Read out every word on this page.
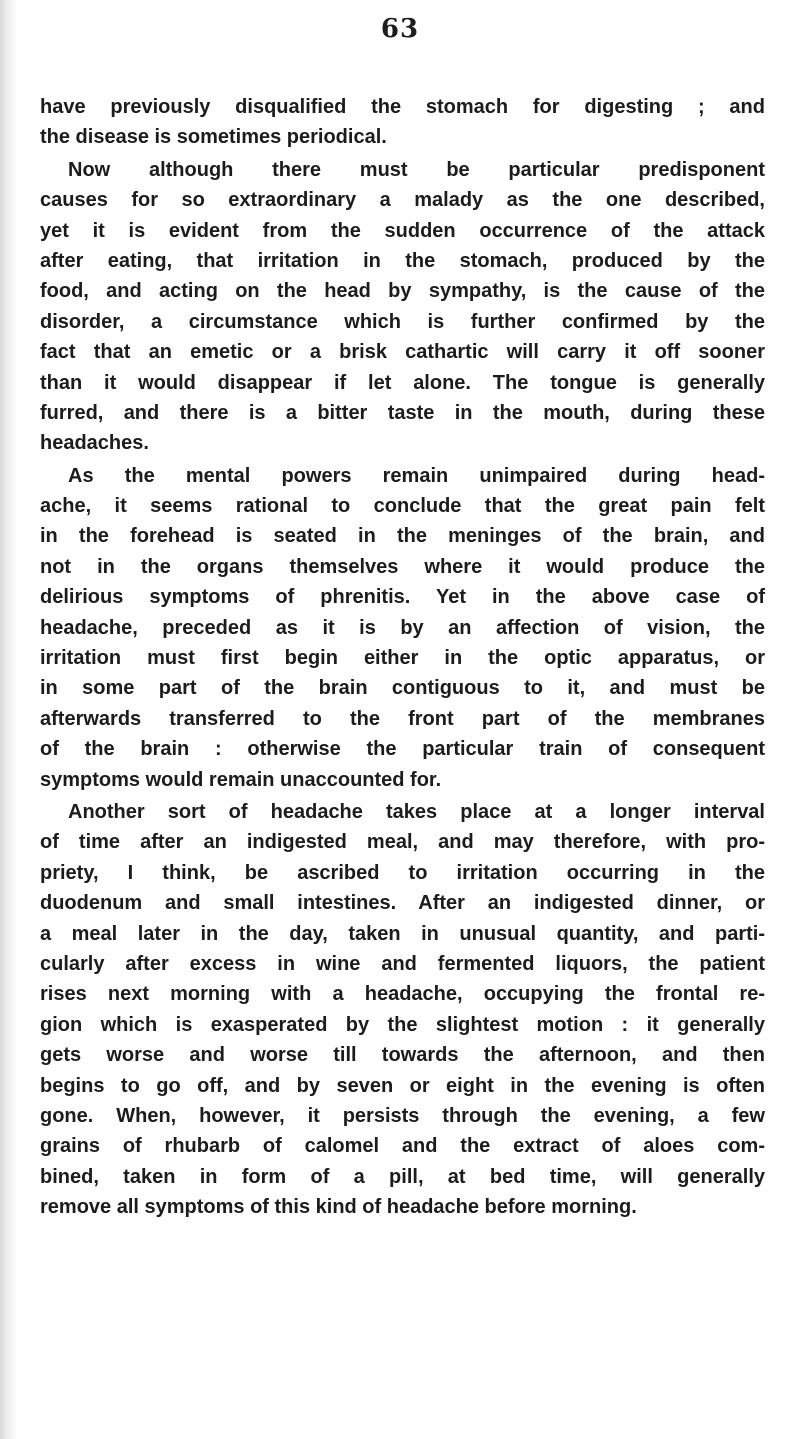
63
have previously disqualified the stomach for digesting ; and
the disease is sometimes periodical.
Now although there must be particular predisponent
causes for so extraordinary a malady as the one described,
yet it is evident from the sudden occurrence of the attack
after eating, that irritation in the stomach, produced by the
food, and acting on the head by sympathy, is the cause of the
disorder, a circumstance which is further confirmed by the
fact that an emetic or a brisk cathartic will carry it off sooner
than it would disappear if let alone. The tongue is generally
furred, and there is a bitter taste in the mouth, during these
headaches.
As the mental powers remain unimpaired during head-
ache, it seems rational to conclude that the great pain felt
in the forehead is seated in the meninges of the brain, and
not in the organs themselves where it would produce the
delirious symptoms of phrenitis. Yet in the above case of
headache, preceded as it is by an affection of vision, the
irritation must first begin either in the optic apparatus, or
in some part of the brain contiguous to it, and must be
afterwards transferred to the front part of the membranes
of the brain : otherwise the particular train of consequent
symptoms would remain unaccounted for.
Another sort of headache takes place at a longer interval
of time after an indigested meal, and may therefore, with pro-
priety, I think, be ascribed to irritation occurring in the
duodenum and small intestines. After an indigested dinner, or
a meal later in the day, taken in unusual quantity, and parti-
cularly after excess in wine and fermented liquors, the patient
rises next morning with a headache, occupying the frontal re-
gion which is exasperated by the slightest motion : it generally
gets worse and worse till towards the afternoon, and then
begins to go off, and by seven or eight in the evening is often
gone. When, however, it persists through the evening, a few
grains of rhubarb of calomel and the extract of aloes com-
bined, taken in form of a pill, at bed time, will generally
remove all symptoms of this kind of headache before morning.
